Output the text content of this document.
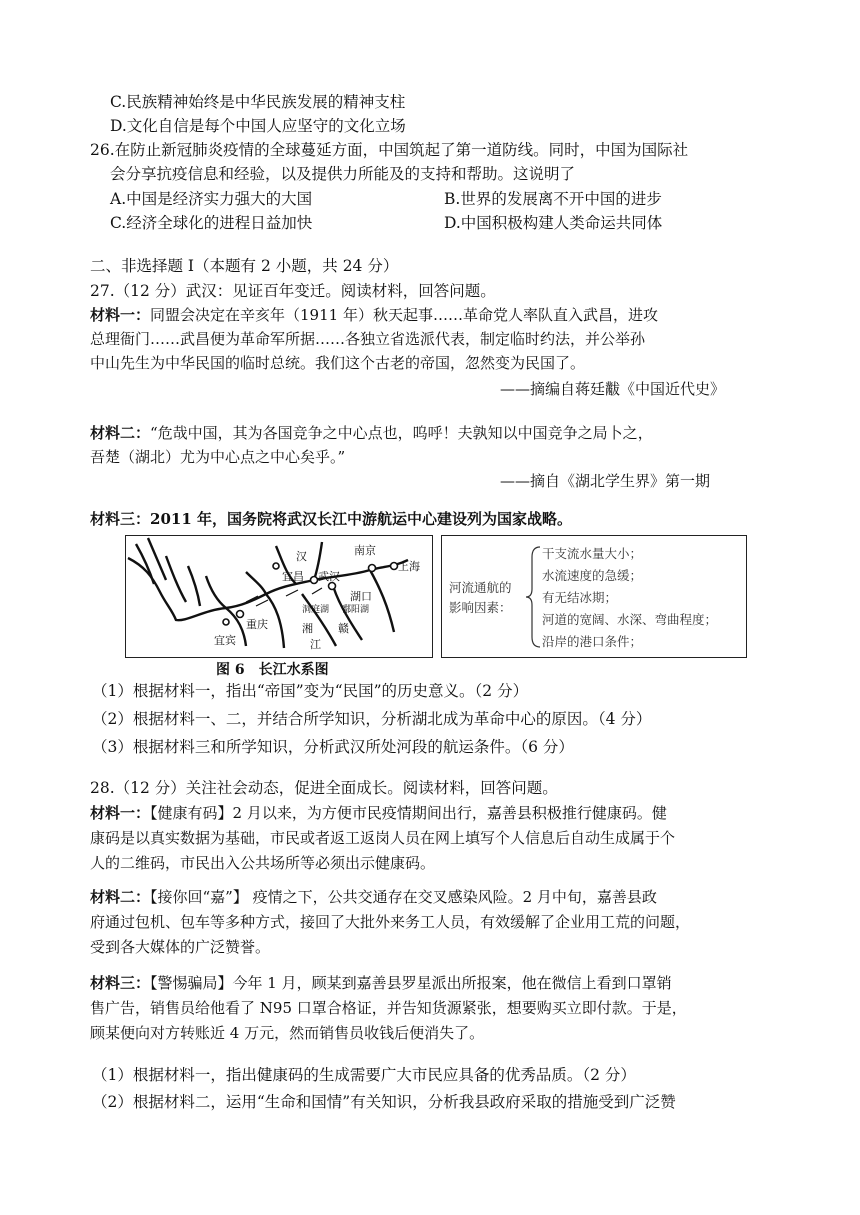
C.民族精神始终是中华民族发展的精神支柱
D.文化自信是每个中国人应坚守的文化立场
26.在防止新冠肺炎疫情的全球蔓延方面，中国筑起了第一道防线。同时，中国为国际社
会分享抗疫信息和经验，以及提供力所能及的支持和帮助。这说明了
A.中国是经济实力强大的大国	B.世界的发展离不开中国的进步
C.经济全球化的进程日益加快	D.中国积极构建人类命运共同体
二、非选择题 I（本题有 2 小题，共 24 分）
27.（12 分）武汉：见证百年变迁。阅读材料，回答问题。
材料一：同盟会决定在辛亥年（1911 年）秋天起事……革命党人率队直入武昌，进攻
总理衙门……武昌便为革命军所据……各独立省选派代表，制定临时约法，并公举孙
中山先生为中华民国的临时总统。我们这个古老的帝国，忽然变为民国了。
——摘编自蒋廷黻《中国近代史》
材料二：“危哉中国，其为各国竞争之中心点也，呜呼！夫孰知以中国竞争之局卜之，
吾楚（湖北）尤为中心点之中心矣乎。”
——摘自《湖北学生界》第一期
材料三：2011 年，国务院将武汉长江中游航运中心建设列为国家战略。
南京
上海
宜昌 武汉
湖口
重庆
宜宾
洞庭湖 鄱阳湖
汉
湘
江
赣
河流通航的
影响因素：
干支流水量大小；
水流速度的急缓；
有无结冰期；
河道的宽阔、水深、弯曲程度；
沿岸的港口条件；
图 6　长江水系图
（1）根据材料一，指出“帝国”变为“民国”的历史意义。（2 分）
（2）根据材料一、二，并结合所学知识，分析湖北成为革命中心的原因。（4 分）
（3）根据材料三和所学知识，分析武汉所处河段的航运条件。（6 分）
28.（12 分）关注社会动态，促进全面成长。阅读材料，回答问题。
材料一：【健康有码】2 月以来，为方便市民疫情期间出行，嘉善县积极推行健康码。健
康码是以真实数据为基础，市民或者返工返岗人员在网上填写个人信息后自动生成属于个
人的二维码，市民出入公共场所等必须出示健康码。
材料二：【接你回“嘉”】 疫情之下，公共交通存在交叉感染风险。2 月中旬，嘉善县政
府通过包机、包车等多种方式，接回了大批外来务工人员，有效缓解了企业用工荒的问题，
受到各大媒体的广泛赞誉。
材料三：【警惕骗局】今年 1 月，顾某到嘉善县罗星派出所报案，他在微信上看到口罩销
售广告，销售员给他看了 N95 口罩合格证，并告知货源紧张，想要购买立即付款。于是，
顾某便向对方转账近 4 万元，然而销售员收钱后便消失了。
（1）根据材料一，指出健康码的生成需要广大市民应具备的优秀品质。（2 分）
（2）根据材料二，运用“生命和国情”有关知识，分析我县政府采取的措施受到广泛赞
